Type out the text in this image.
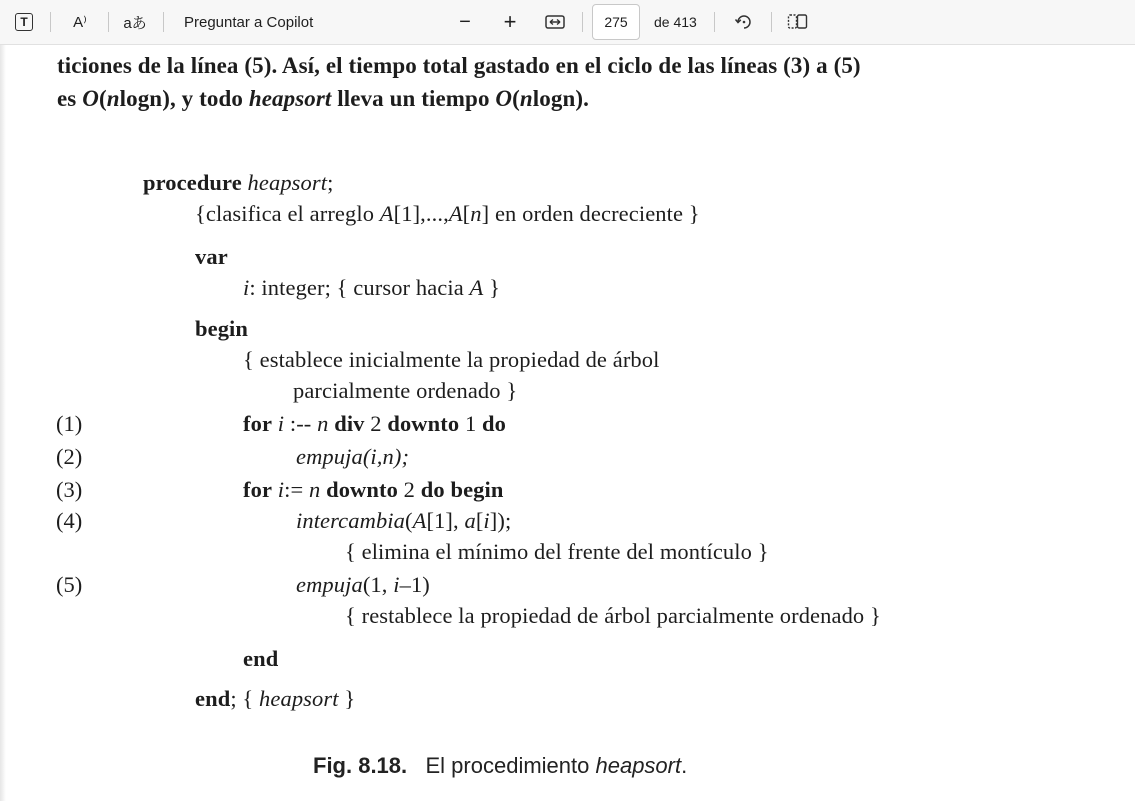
T	A⁾ aあ Preguntar a Copilot	− +	275 de 413
ticiones de la línea (5). Así, el tiempo total gastado en el ciclo de las líneas (3) a (5)
es O(nlogn), y todo heapsort lleva un tiempo O(nlogn).
procedure heapsort;
{clasifica el arreglo A[1],...,A[n] en orden decreciente }
var
i: integer; { cursor hacia A }
begin
{ establece inicialmente la propiedad de árbol
parcialmente ordenado }
(1)	for i :-- n div 2 downto 1 do
(2)	empuja(i,n);
(3)	for i:= n downto 2 do begin
(4)	intercambia(A[1], a[i]);
{ elimina el mínimo del frente del montículo }
(5)	empuja(1, i–1)
{ restablece la propiedad de árbol parcialmente ordenado }
end
end; { heapsort }
Fig. 8.18. El procedimiento heapsort.
